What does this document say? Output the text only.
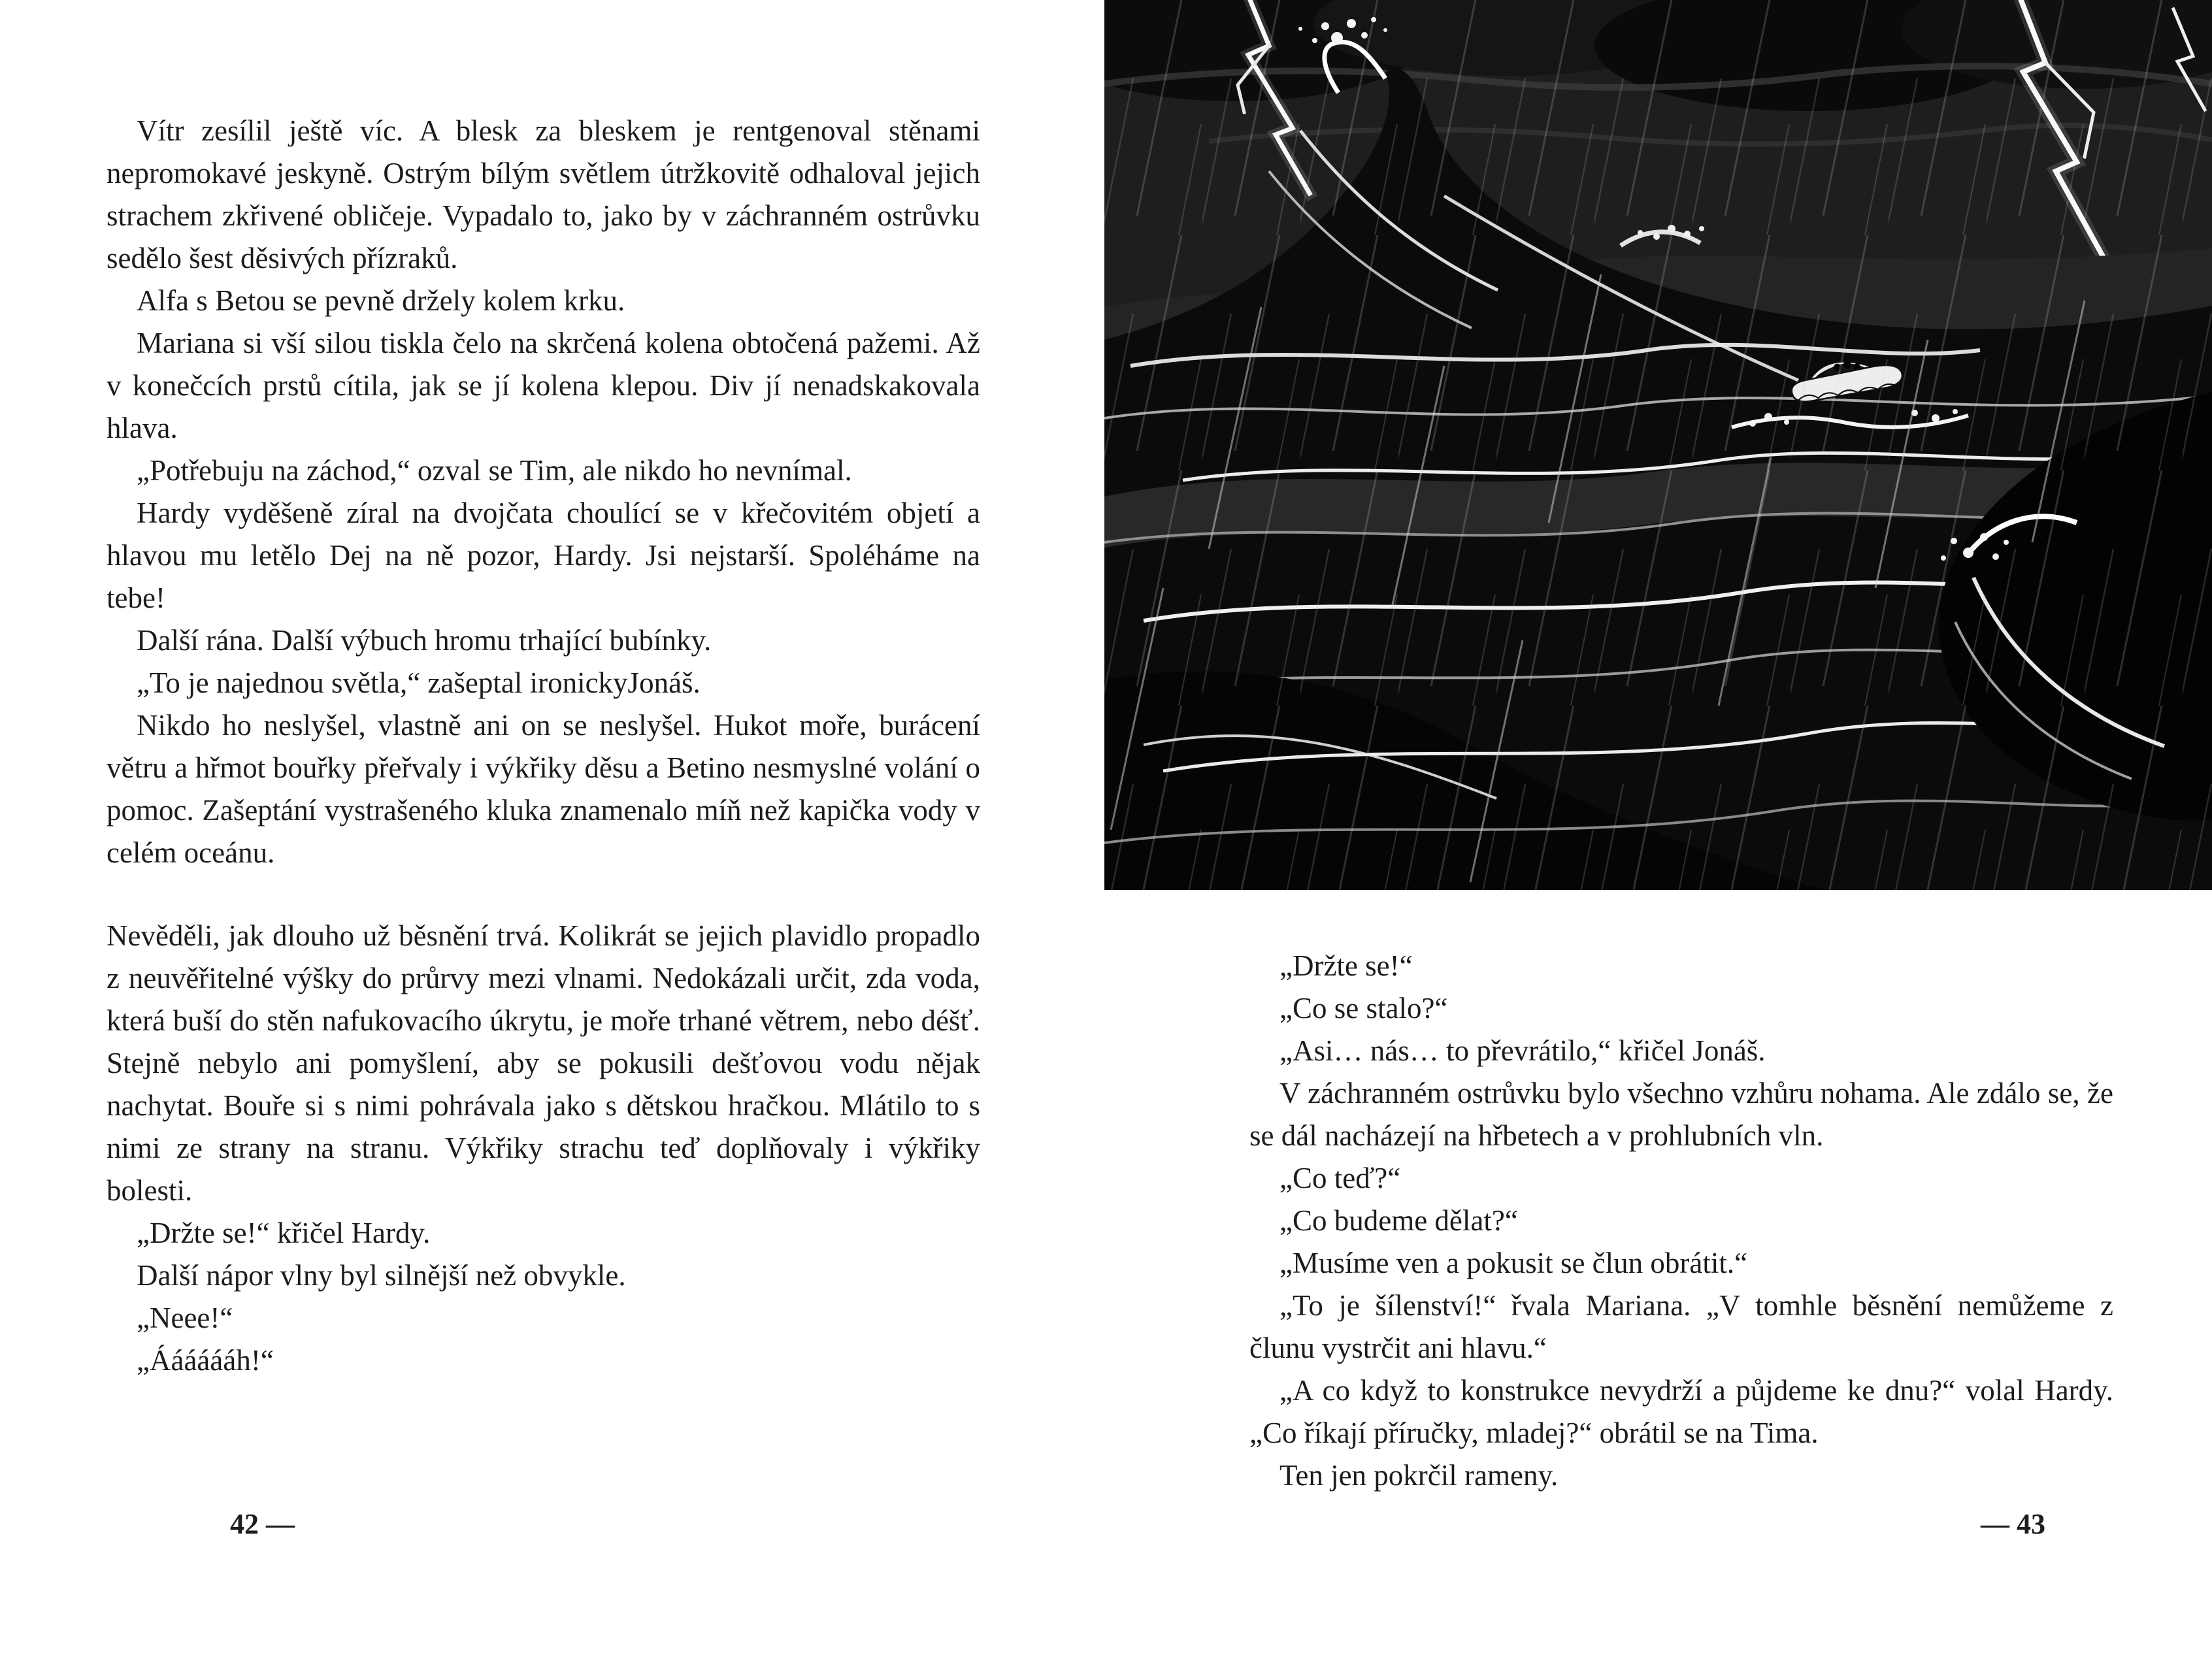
Vítr zesílil ještě víc. A blesk za bleskem je rentgenoval stěnami nepromokavé jeskyně. Ostrým bílým světlem útržkovitě odhaloval jejich strachem zkřivené obličeje. Vypadalo to, jako by v záchranném ostrůvku sedělo šest děsivých přízraků.

Alfa s Betou se pevně držely kolem krku.

Mariana si vší silou tiskla čelo na skrčená kolena obtočená pažemi. Až v konečcích prstů cítila, jak se jí kolena klepou. Div jí nenadskakovala hlava.

„Potřebuju na záchod,“ ozval se Tim, ale nikdo ho nevnímal.

Hardy vyděšeně zíral na dvojčata choulící se v křečovitém objetí a hlavou mu letělo Dej na ně pozor, Hardy. Jsi nejstarší. Spoléháme na tebe!

Další rána. Další výbuch hromu trhající bubínky.

„To je najednou světla,“ zašeptal ironickyJonáš.

Nikdo ho neslyšel, vlastně ani on se neslyšel. Hukot moře, burácení větru a hřmot bouřky přeřvaly i výkřiky děsu a Betino nesmyslné volání o pomoc. Zašeptání vystrašeného kluka znamenalo míň než kapička vody v celém oceánu.

Nevěděli, jak dlouho už běsnění trvá. Kolikrát se jejich plavidlo propadlo z neuvěřitelné výšky do průrvy mezi vlnami. Nedokázali určit, zda voda, která buší do stěn nafukovacího úkrytu, je moře trhané větrem, nebo déšť. Stejně nebylo ani pomyšlení, aby se pokusili dešťovou vodu nějak nachytat. Bouře si s nimi pohrávala jako s dětskou hračkou. Mlátilo to s nimi ze strany na stranu. Výkřiky strachu teď doplňovaly i výkřiky bolesti.

„Držte se!“ křičel Hardy.

Další nápor vlny byl silnější než obvykle.

„Neee!“

„Ááááááh!“

„Držte se!“

„Co se stalo?“

„Asi… nás… to převrátilo,“ křičel Jonáš.

V záchranném ostrůvku bylo všechno vzhůru nohama. Ale zdálo se, že se dál nacházejí na hřbetech a v prohlubních vln.

„Co teď?“

„Co budeme dělat?“

„Musíme ven a pokusit se člun obrátit.“

„To je šílenství!“ řvala Mariana. „V tomhle běsnění nemůžeme z člunu vystrčit ani hlavu.“

„A co když to konstrukce nevydrží a půjdeme ke dnu?“ volal Hardy. „Co říkají příručky, mladej?“ obrátil se na Tima.

Ten jen pokrčil rameny.

42 —	— 43
